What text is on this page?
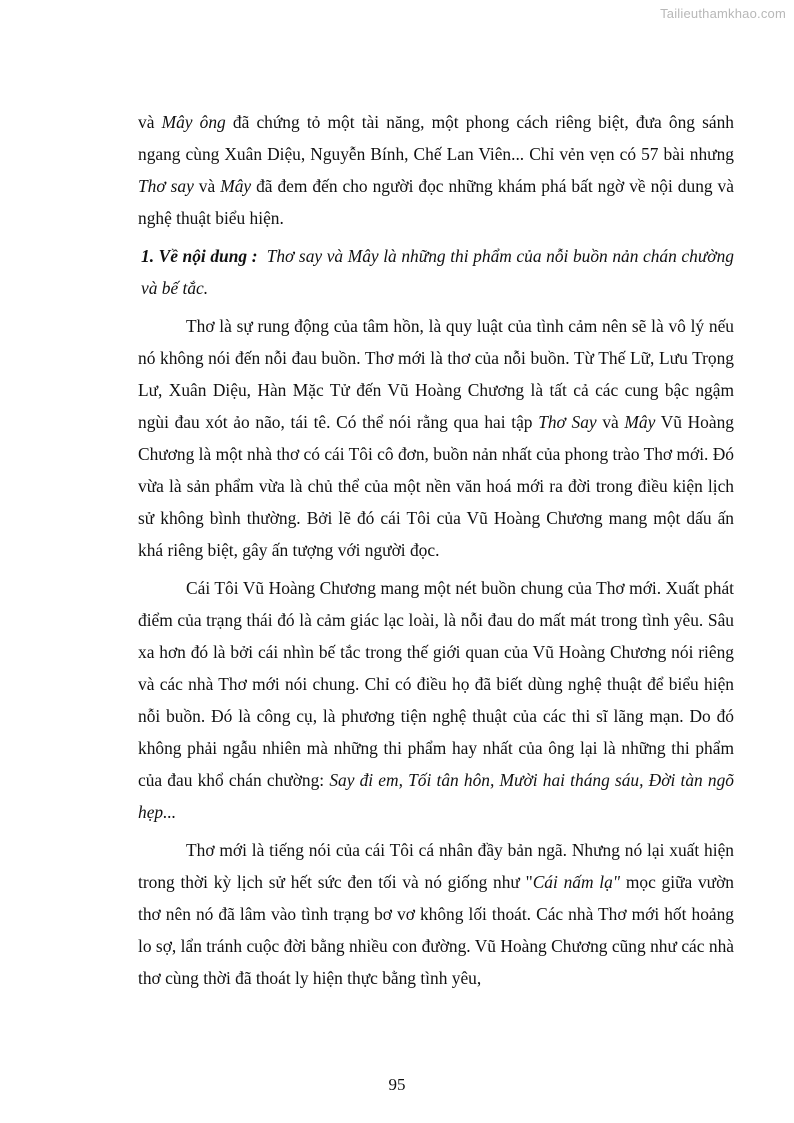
Tailieuthamkhao.com

và Mây ông đã chứng tỏ một tài năng, một phong cách riêng biệt, đưa ông sánh ngang cùng Xuân Diệu, Nguyễn Bính, Chế Lan Viên... Chỉ vẻn vẹn có 57 bài nhưng Thơ say và Mây đã đem đến cho người đọc những khám phá bất ngờ về nội dung và nghệ thuật biểu hiện.

1. Về nội dung : Thơ say và Mây là những thi phẩm của nỗi buồn nản chán chường và bế tắc.

Thơ là sự rung động của tâm hồn, là quy luật của tình cảm nên sẽ là vô lý nếu nó không nói đến nỗi đau buồn. Thơ mới là thơ của nỗi buồn. Từ Thế Lữ, Lưu Trọng Lư, Xuân Diệu, Hàn Mặc Tử đến Vũ Hoàng Chương là tất cả các cung bậc ngậm ngùi đau xót ảo não, tái tê. Có thể nói rằng qua hai tập Thơ Say và Mây Vũ Hoàng Chương là một nhà thơ có cái Tôi cô đơn, buồn nản nhất của phong trào Thơ mới. Đó vừa là sản phẩm vừa là chủ thể của một nền văn hoá mới ra đời trong điều kiện lịch sử không bình thường. Bởi lẽ đó cái Tôi của Vũ Hoàng Chương mang một dấu ấn khá riêng biệt, gây ấn tượng với người đọc.

Cái Tôi Vũ Hoàng Chương mang một nét buồn chung của Thơ mới. Xuất phát điểm của trạng thái đó là cảm giác lạc loài, là nỗi đau do mất mát trong tình yêu. Sâu xa hơn đó là bởi cái nhìn bế tắc trong thế giới quan của Vũ Hoàng Chương nói riêng và các nhà Thơ mới nói chung. Chỉ có điều họ đã biết dùng nghệ thuật để biểu hiện nỗi buồn. Đó là công cụ, là phương tiện nghệ thuật của các thi sĩ lãng mạn. Do đó không phải ngẫu nhiên mà những thi phẩm hay nhất của ông lại là những thi phẩm của đau khổ chán chường: Say đi em, Tối tân hôn, Mười hai tháng sáu, Đời tàn ngõ hẹp...

Thơ mới là tiếng nói của cái Tôi cá nhân đầy bản ngã. Nhưng nó lại xuất hiện trong thời kỳ lịch sử hết sức đen tối và nó giống như "Cái nấm lạ" mọc giữa vườn thơ nên nó đã lâm vào tình trạng bơ vơ không lối thoát. Các nhà Thơ mới hốt hoảng lo sợ, lẩn tránh cuộc đời bằng nhiều con đường. Vũ Hoàng Chương cũng như các nhà thơ cùng thời đã thoát ly hiện thực bằng tình yêu,

95
